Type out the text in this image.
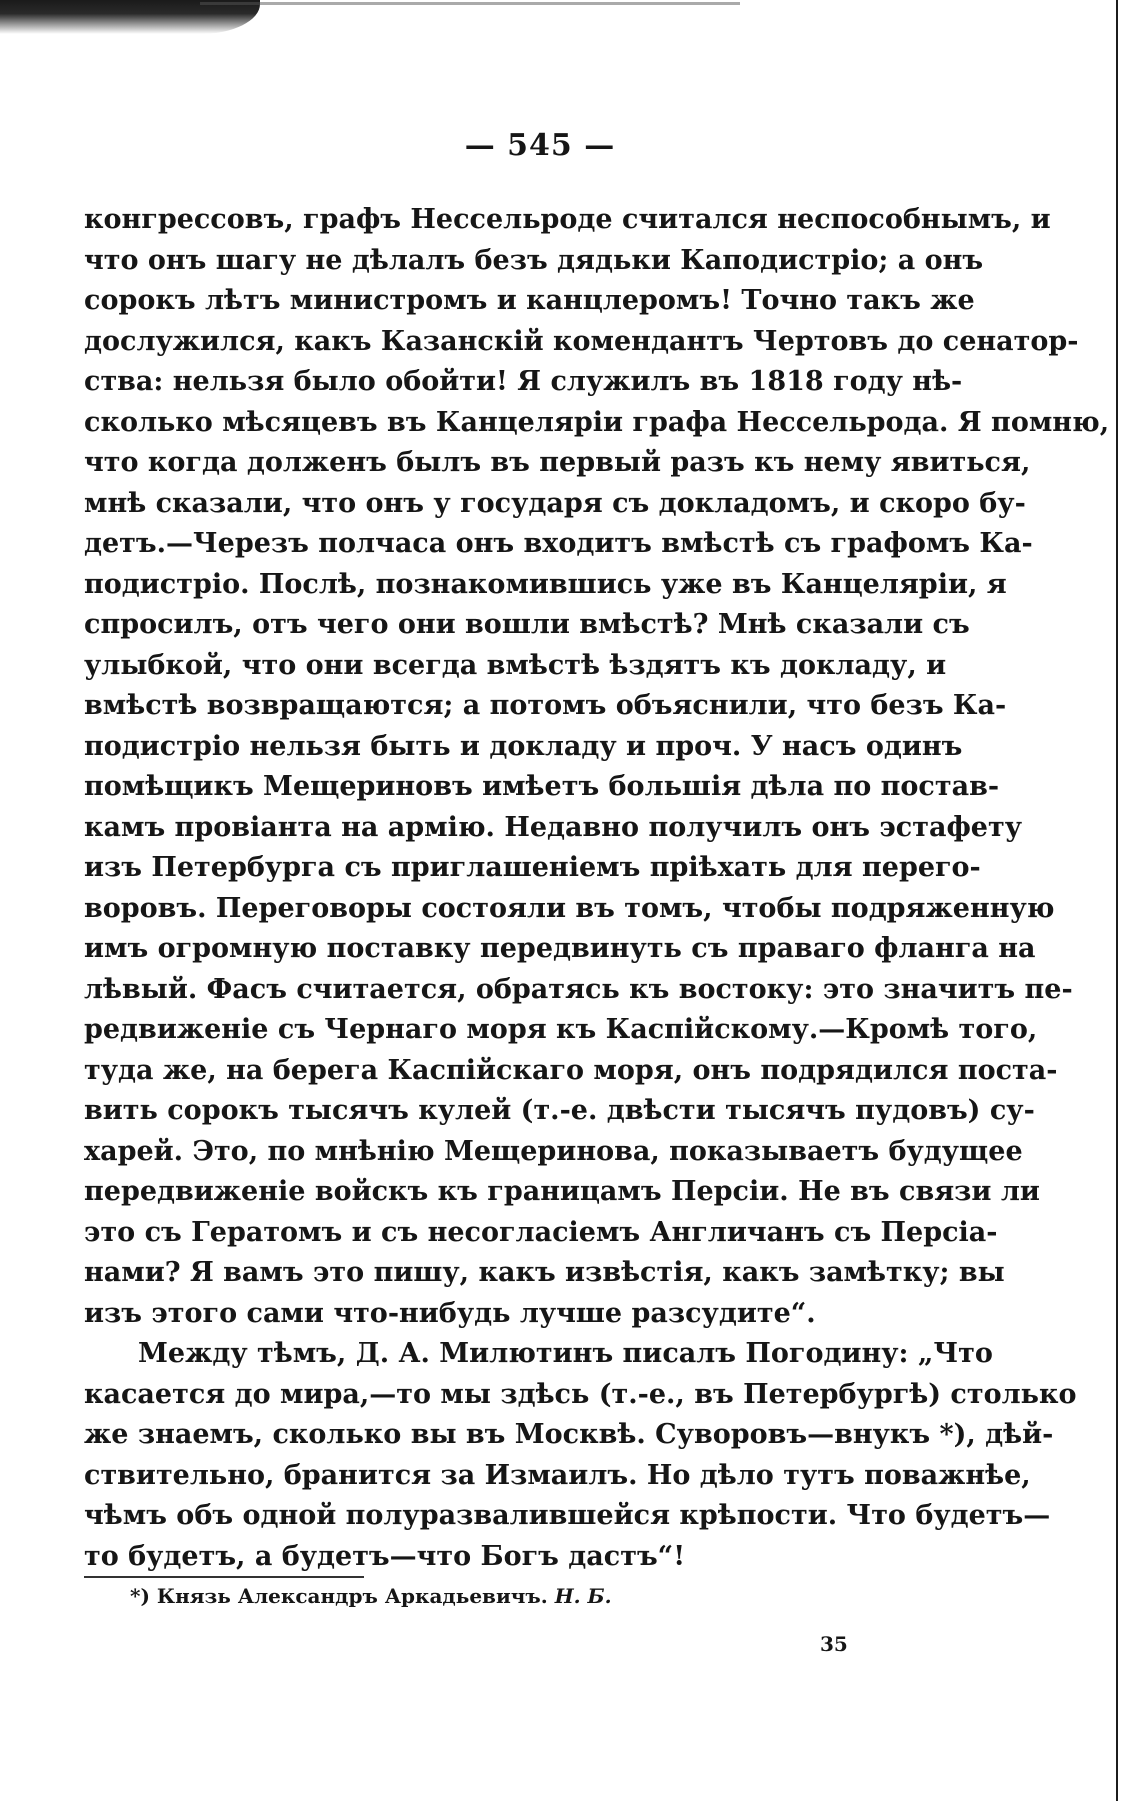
— 545 —
конгрессовъ, графъ Нессельроде считался неспособнымъ, и
что онъ шагу не дѣлалъ безъ дядьки Каподистріо; а онъ
сорокъ лѣтъ министромъ и канцлеромъ! Точно такъ же
дослужился, какъ Казанскій комендантъ Чертовъ до сенатор-
ства: нельзя было обойти! Я служилъ въ 1818 году нѣ-
сколько мѣсяцевъ въ Канцеляріи графа Нессельрода. Я помню,
что когда долженъ былъ въ первый разъ къ нему явиться,
мнѣ сказали, что онъ у государя съ докладомъ, и скоро бу-
детъ.—Черезъ полчаса онъ входитъ вмѣстѣ съ графомъ Ка-
подистріо. Послѣ, познакомившись уже въ Канцеляріи, я
спросилъ, отъ чего они вошли вмѣстѣ? Мнѣ сказали съ
улыбкой, что они всегда вмѣстѣ ѣздятъ къ докладу, и
вмѣстѣ возвращаются; а потомъ объяснили, что безъ Ка-
подистріо нельзя быть и докладу и проч. У насъ одинъ
помѣщикъ Мещериновъ имѣетъ большія дѣла по постав-
камъ провіанта на армію. Недавно получилъ онъ эстафету
изъ Петербурга съ приглашеніемъ пріѣхать для перего-
воровъ. Переговоры состояли въ томъ, чтобы подряженную
имъ огромную поставку передвинуть съ праваго фланга на
лѣвый. Фасъ считается, обратясь къ востоку: это значитъ пе-
редвиженіе съ Чернаго моря къ Каспійскому.—Кромѣ того,
туда же, на берега Каспійскаго моря, онъ подрядился поста-
вить сорокъ тысячъ кулей (т.-е. двѣсти тысячъ пудовъ) су-
харей. Это, по мнѣнію Мещеринова, показываетъ будущее
передвиженіе войскъ къ границамъ Персіи. Не въ связи ли
это съ Гератомъ и съ несогласіемъ Англичанъ съ Персіа-
нами? Я вамъ это пишу, какъ извѣстія, какъ замѣтку; вы
изъ этого сами что-нибудь лучше разсудите“.
Между тѣмъ, Д. А. Милютинъ писалъ Погодину: „Что
касается до мира,—то мы здѣсь (т.-е., въ Петербургѣ) столько
же знаемъ, сколько вы въ Москвѣ. Суворовъ—внукъ *), дѣй-
ствительно, бранится за Измаилъ. Но дѣло тутъ поважнѣе,
чѣмъ объ одной полуразвалившейся крѣпости. Что будетъ—
то будетъ, а будетъ—что Богъ дастъ“!
*) Князь Александръ Аркадьевичъ. Н. Б.
35
